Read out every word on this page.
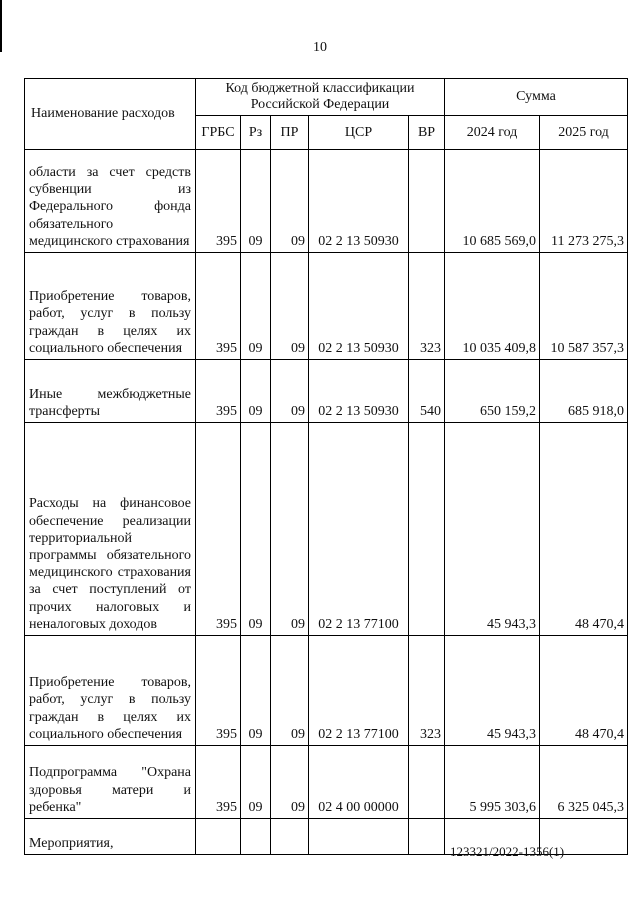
10
Наименование расходов	Код бюджетной классификации Российской Федерации					Сумма	
	ГРБС	Рз	ПР	ЦСР	ВР	2024 год	2025 год
области за счет средств субвенции из Федерального фонда обязательного медицинского страхования	395	09	09	02 2 13 50930		10 685 569,0	11 273 275,3
Приобретение товаров, работ, услуг в пользу граждан в целях их социального обеспечения	395	09	09	02 2 13 50930	323	10 035 409,8	10 587 357,3
Иные межбюджетные трансферты	395	09	09	02 2 13 50930	540	650 159,2	685 918,0
Расходы на финансовое обеспечение реализации территориальной программы обязательного медицинского страхования за счет поступлений от прочих налоговых и неналоговых доходов	395	09	09	02 2 13 77100		45 943,3	48 470,4
Приобретение товаров, работ, услуг в пользу граждан в целях их социального обеспечения	395	09	09	02 2 13 77100	323	45 943,3	48 470,4
Подпрограмма "Охрана здоровья матери и ребенка"	395	09	09	02 4 00 00000		5 995 303,6	6 325 045,3
Мероприятия,							
123321/2022-1356(1)
